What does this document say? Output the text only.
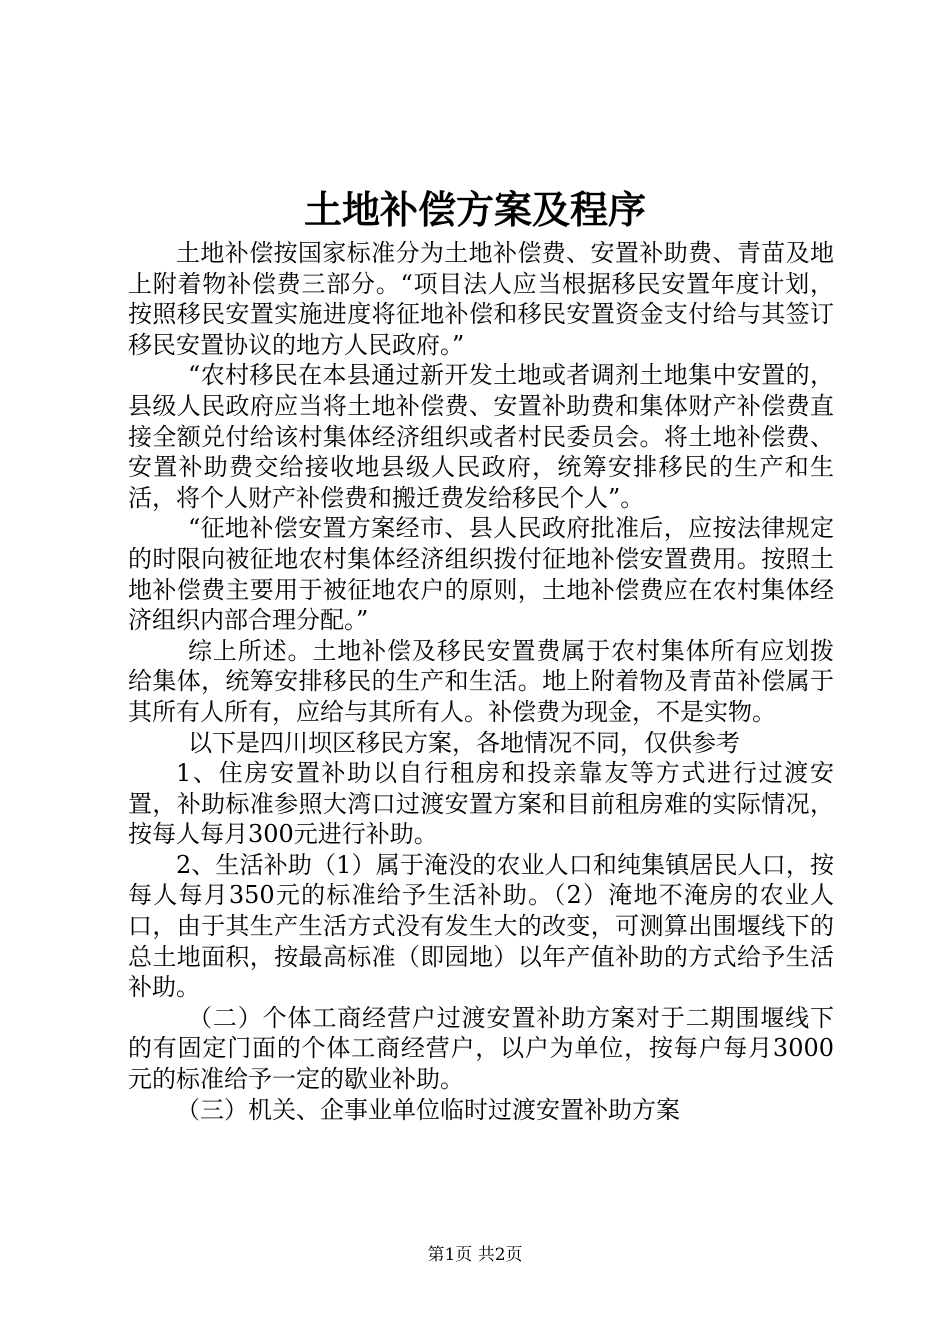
土地补偿方案及程序

土地补偿按国家标准分为土地补偿费、安置补助费、青苗及地上附着物补偿费三部分。“项目法人应当根据移民安置年度计划，按照移民安置实施进度将征地补偿和移民安置资金支付给与其签订移民安置协议的地方人民政府。”

“农村移民在本县通过新开发土地或者调剂土地集中安置的，县级人民政府应当将土地补偿费、安置补助费和集体财产补偿费直接全额兑付给该村集体经济组织或者村民委员会。将土地补偿费、安置补助费交给接收地县级人民政府，统筹安排移民的生产和生活，将个人财产补偿费和搬迁费发给移民个人”。

“征地补偿安置方案经市、县人民政府批准后，应按法律规定的时限向被征地农村集体经济组织拨付征地补偿安置费用。按照土地补偿费主要用于被征地农户的原则，土地补偿费应在农村集体经济组织内部合理分配。”

综上所述。土地补偿及移民安置费属于农村集体所有应划拨给集体，统筹安排移民的生产和生活。地上附着物及青苗补偿属于其所有人所有，应给与其所有人。补偿费为现金，不是实物。

以下是四川坝区移民方案，各地情况不同，仅供参考

1、住房安置补助以自行租房和投亲靠友等方式进行过渡安置，补助标准参照大湾口过渡安置方案和目前租房难的实际情况，按每人每月300元进行补助。

2、生活补助（1）属于淹没的农业人口和纯集镇居民人口，按每人每月350元的标准给予生活补助。（2）淹地不淹房的农业人口，由于其生产生活方式没有发生大的改变，可测算出围堰线下的总土地面积，按最高标准（即园地）以年产值补助的方式给予生活补助。

（二）个体工商经营户过渡安置补助方案对于二期围堰线下的有固定门面的个体工商经营户，以户为单位，按每户每月3000元的标准给予一定的歇业补助。

（三）机关、企事业单位临时过渡安置补助方案

第1页 共2页
